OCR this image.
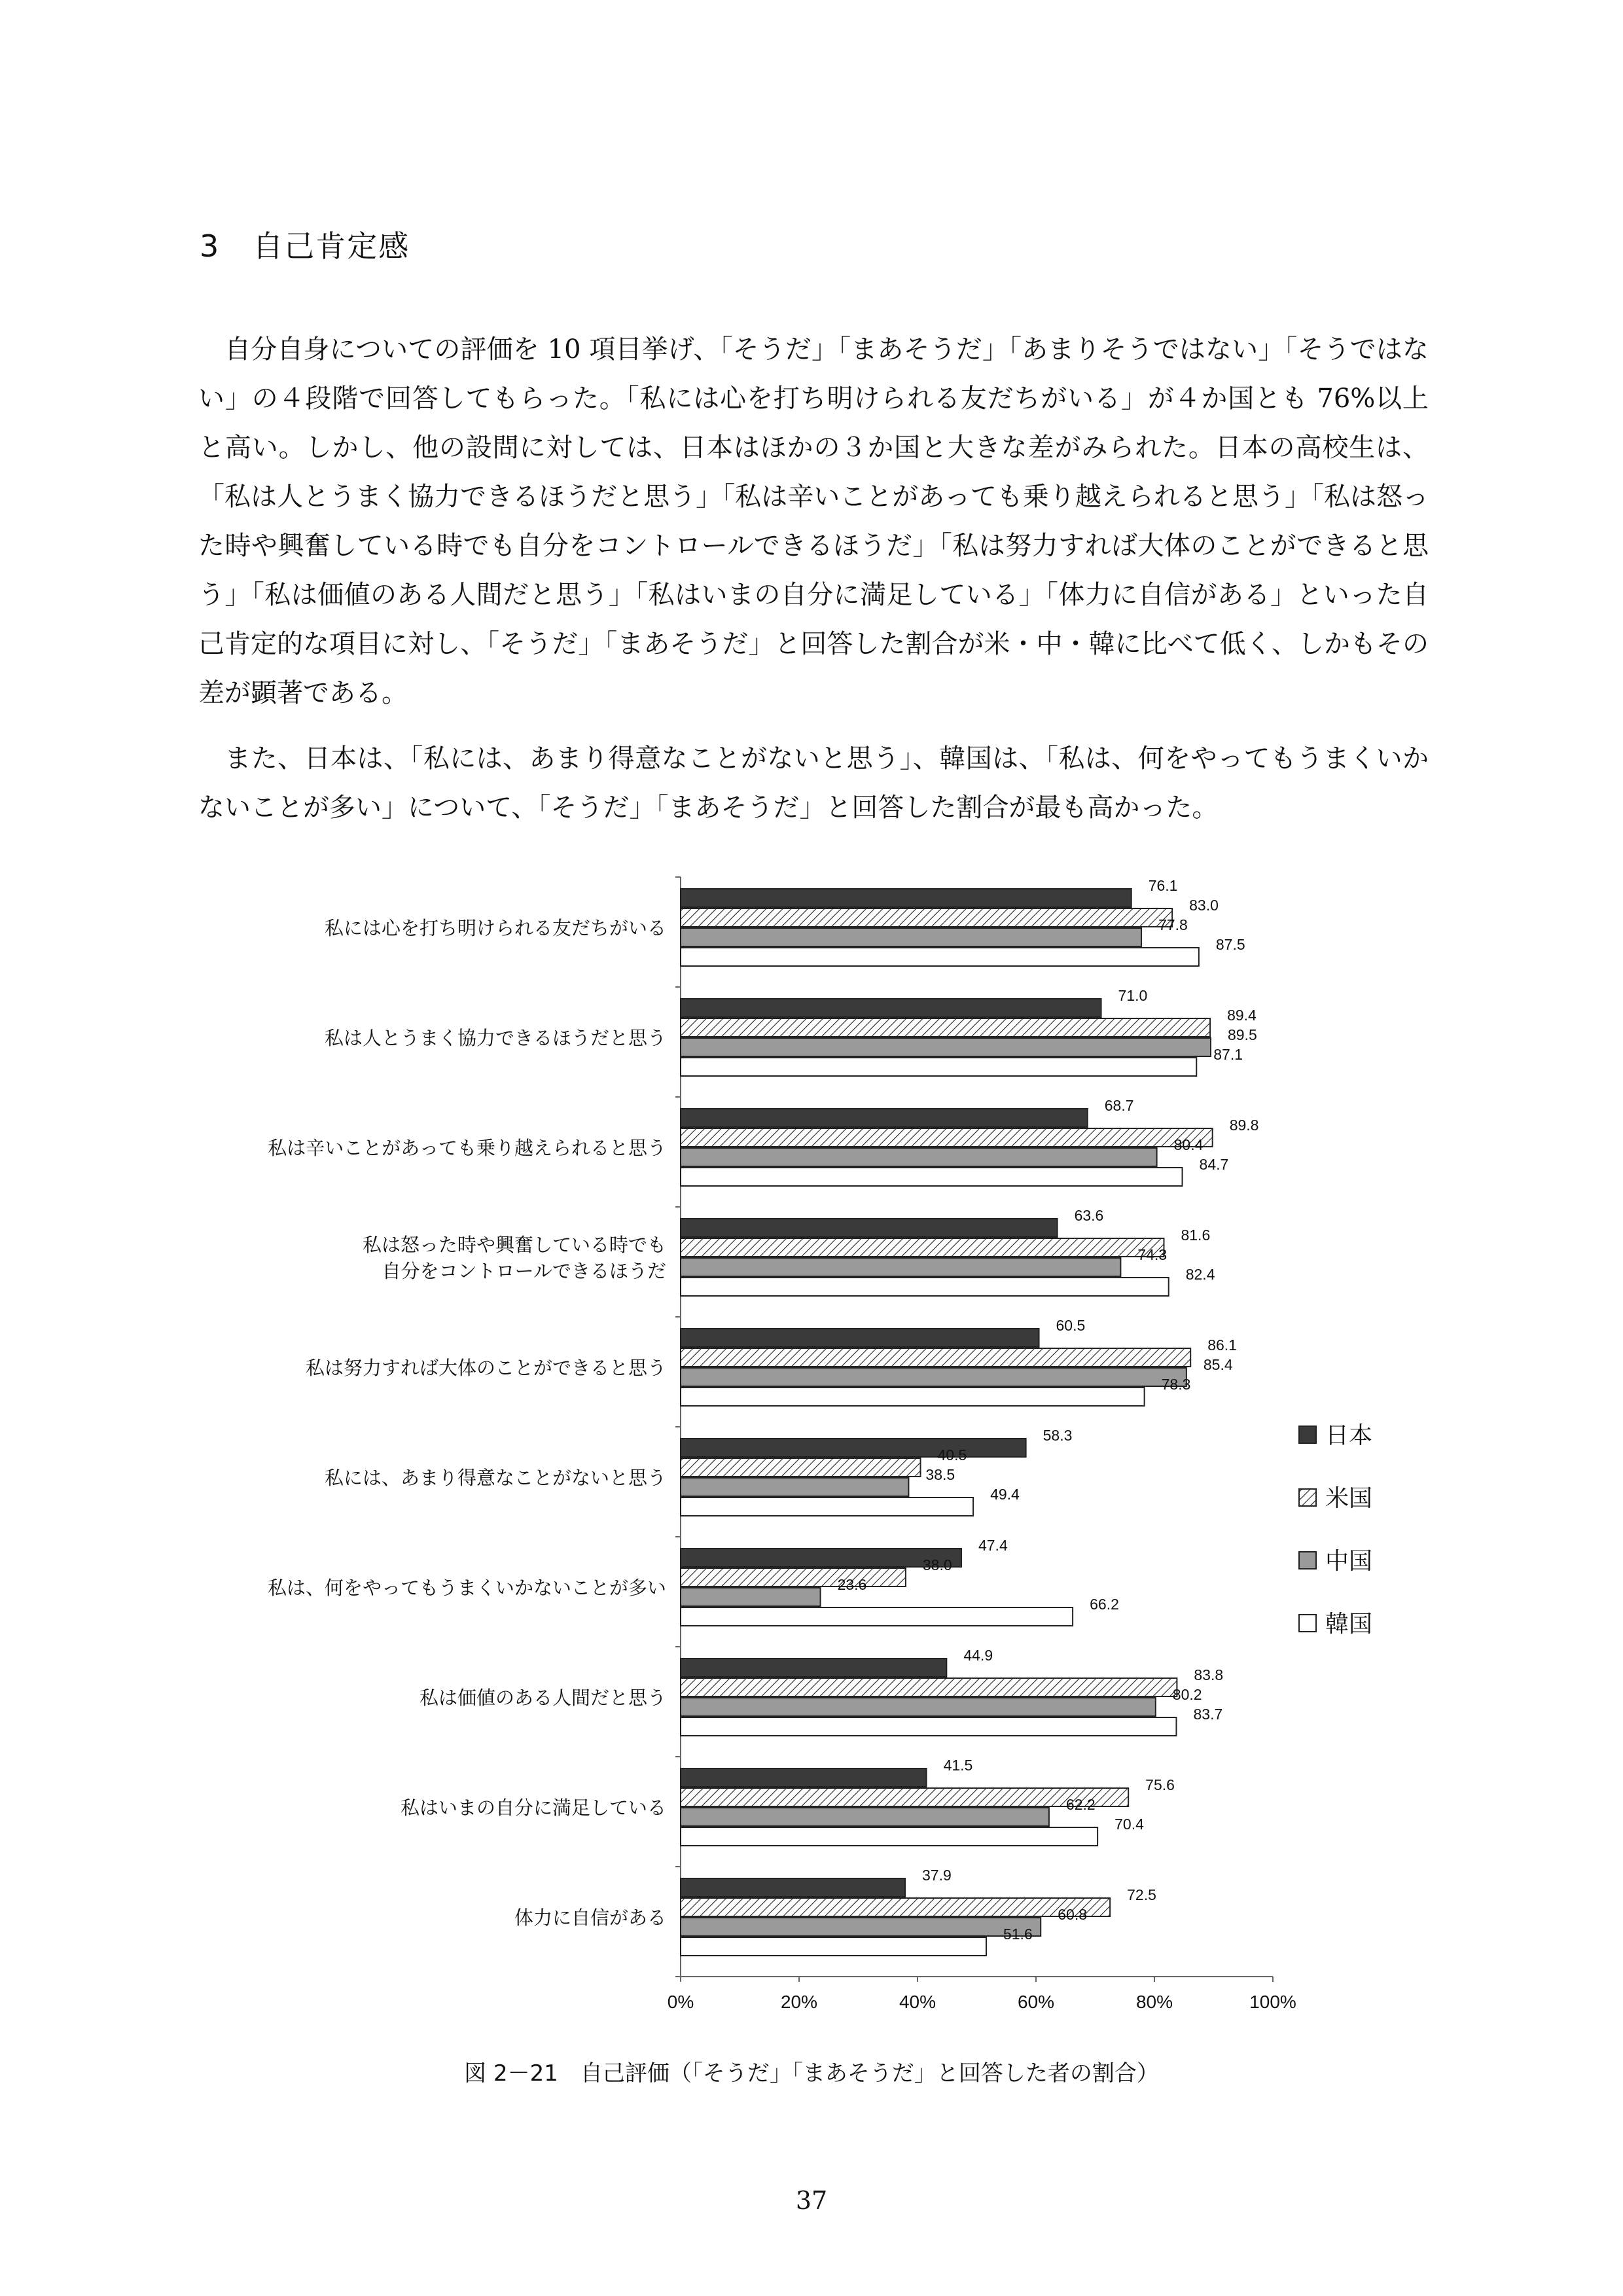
3 自己肯定感

　自分自身についての評価を 10 項目挙げ、「そうだ」「まあそうだ」「あまりそうではない」「そうではない」の４段階で回答してもらった。「私には心を打ち明けられる友だちがいる」が４か国とも 76%以上と高い。しかし、他の設問に対しては、日本はほかの３か国と大きな差がみられた。日本の高校生は、「私は人とうまく協力できるほうだと思う」「私は辛いことがあっても乗り越えられると思う」「私は怒った時や興奮している時でも自分をコントロールできるほうだ」「私は努力すれば大体のことができると思う」「私は価値のある人間だと思う」「私はいまの自分に満足している」「体力に自信がある」といった自己肯定的な項目に対し、「そうだ」「まあそうだ」と回答した割合が米・中・韓に比べて低く、しかもその差が顕著である。

　また、日本は、「私には、あまり得意なことがないと思う」、韓国は、「私は、何をやってもうまくいかないことが多い」について、「そうだ」「まあそうだ」と回答した割合が最も高かった。

0%	20%	40%	60%	80%	100%
私には心を打ち明けられる友だちがいる
76.1
83.0
77.8
87.5
私は人とうまく協力できるほうだと思う
71.0
89.4
89.5
87.1
私は辛いことがあっても乗り越えられると思う
68.7
89.8
80.4
84.7
私は怒った時や興奮している時でも
自分をコントロールできるほうだ
63.6
81.6
74.3
82.4
私は努力すれば大体のことができると思う
60.5
86.1
85.4
78.3
私には、あまり得意なことがないと思う
58.3
40.5
38.5
49.4
私は、何をやってもうまくいかないことが多い
47.4
38.0
23.6
66.2
私は価値のある人間だと思う
44.9
83.8
80.2
83.7
私はいまの自分に満足している
41.5
75.6
62.2
70.4
体力に自信がある
37.9
72.5
60.8
51.6
日本
米国
中国
韓国
図 2－21　自己評価（「そうだ」「まあそうだ」と回答した者の割合）
37
